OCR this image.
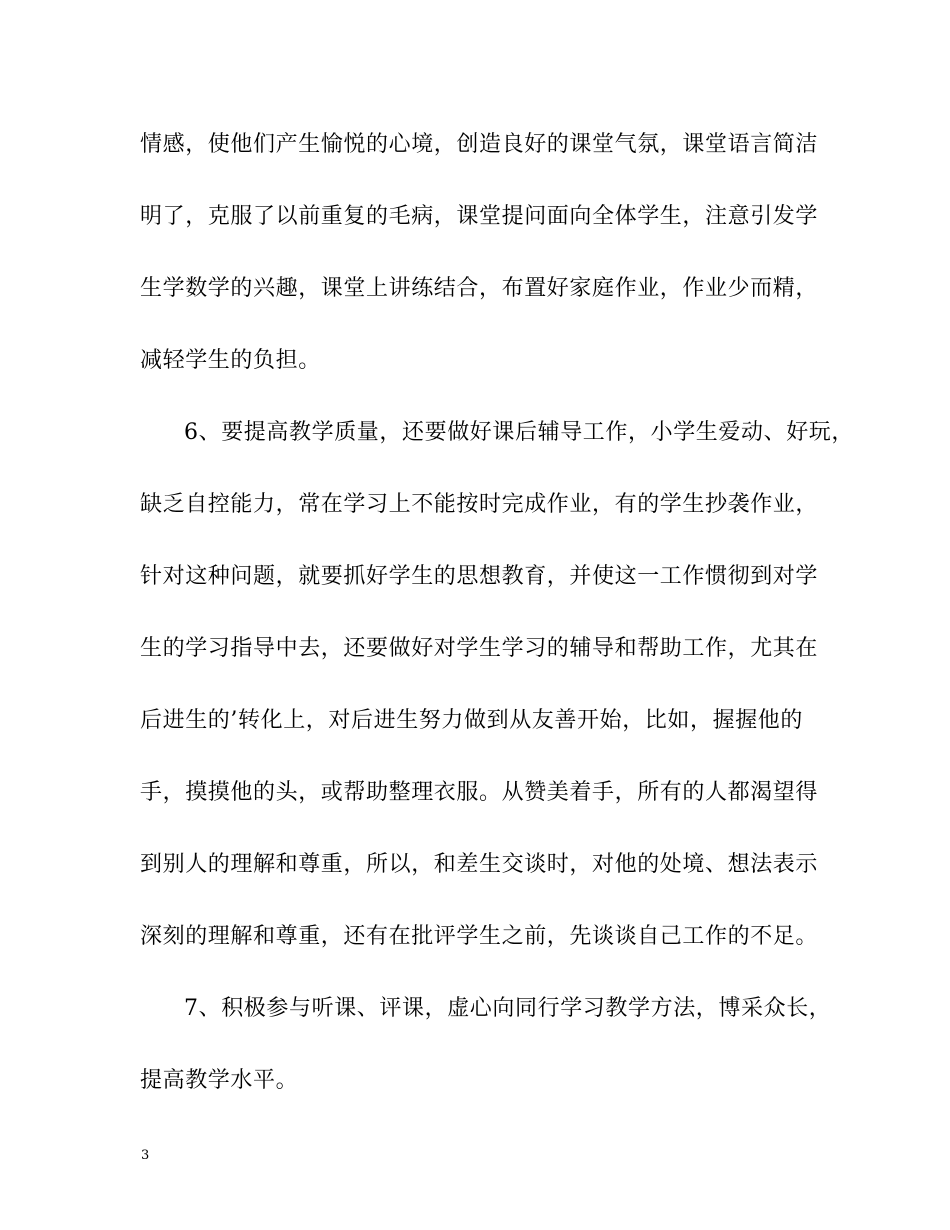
情感，使他们产生愉悦的心境，创造良好的课堂气氛，课堂语言简洁
明了，克服了以前重复的毛病，课堂提问面向全体学生，注意引发学
生学数学的兴趣，课堂上讲练结合，布置好家庭作业，作业少而精，
减轻学生的负担。
6、要提高教学质量，还要做好课后辅导工作，小学生爱动、好玩，
缺乏自控能力，常在学习上不能按时完成作业，有的学生抄袭作业，
针对这种问题，就要抓好学生的思想教育，并使这一工作惯彻到对学
生的学习指导中去，还要做好对学生学习的辅导和帮助工作，尤其在
后进生的’转化上，对后进生努力做到从友善开始，比如，握握他的
手，摸摸他的头，或帮助整理衣服。从赞美着手，所有的人都渴望得
到别人的理解和尊重，所以，和差生交谈时，对他的处境、想法表示
深刻的理解和尊重，还有在批评学生之前，先谈谈自己工作的不足。
7、积极参与听课、评课，虚心向同行学习教学方法，博采众长，
提高教学水平。
3
